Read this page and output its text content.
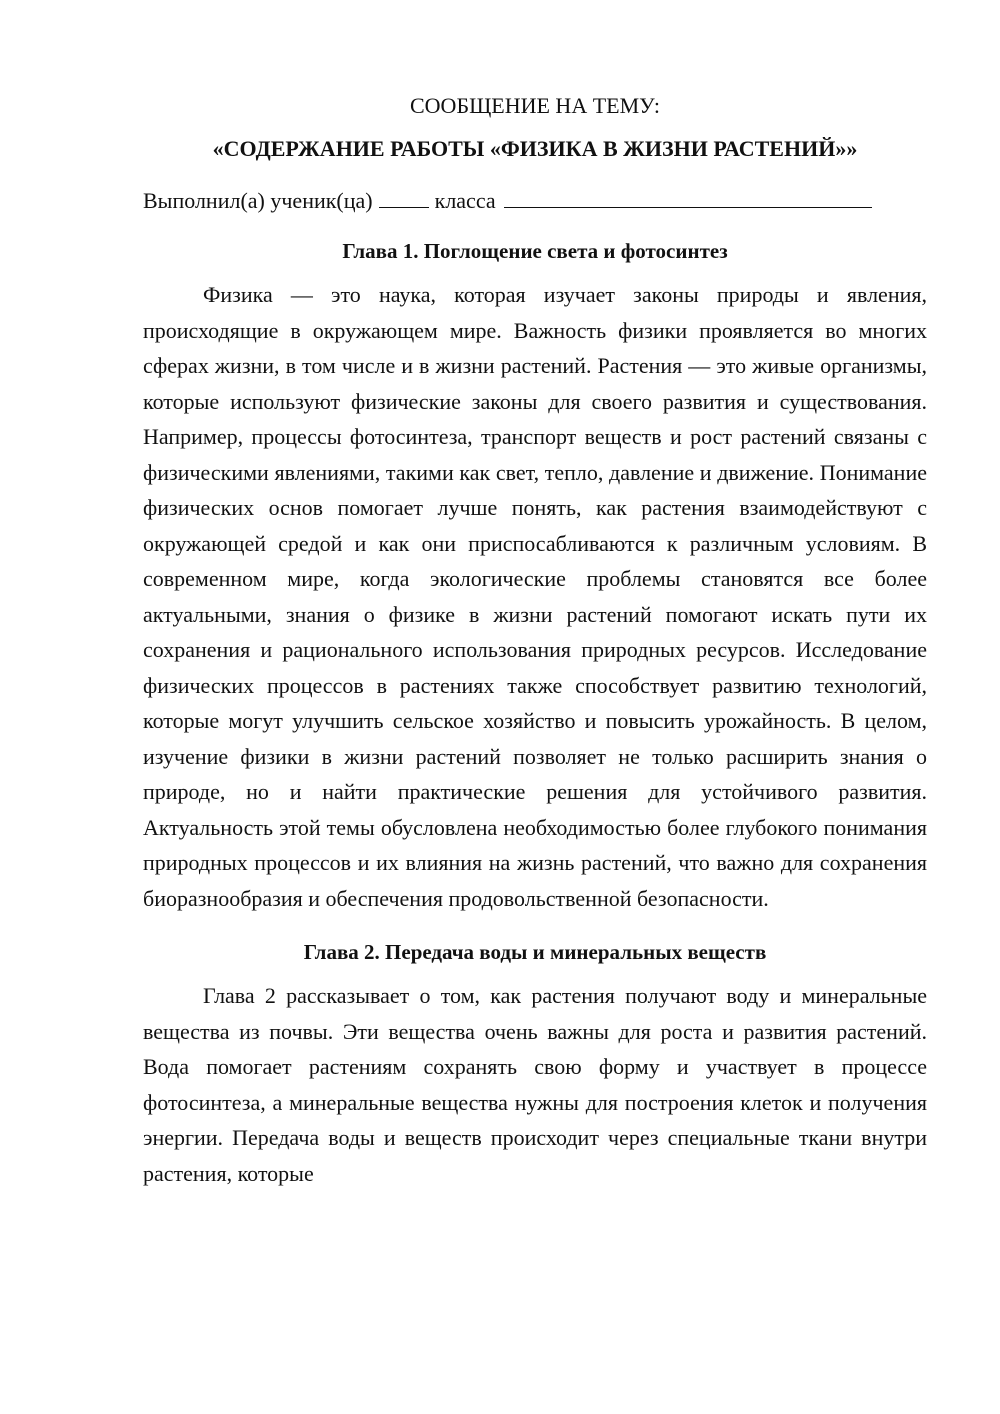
СООБЩЕНИЕ НА ТЕМУ:

«СОДЕРЖАНИЕ РАБОТЫ «ФИЗИКА В ЖИЗНИ РАСТЕНИЙ»»

Выполнил(а) ученик(ца)	класса

Глава 1. Поглощение света и фотосинтез

Физика — это наука, которая изучает законы природы и явления, происходящие в окружающем мире. Важность физики проявляется во многих сферах жизни, в том числе и в жизни растений. Растения — это живые организмы, которые используют физические законы для своего развития и существования. Например, процессы фотосинтеза, транспорт веществ и рост растений связаны с физическими явлениями, такими как свет, тепло, давление и движение. Понимание физических основ помогает лучше понять, как растения взаимодействуют с окружающей средой и как они приспосабливаются к различным условиям. В современном мире, когда экологические проблемы становятся все более актуальными, знания о физике в жизни растений помогают искать пути их сохранения и рационального использования природных ресурсов. Исследование физических процессов в растениях также способствует развитию технологий, которые могут улучшить сельское хозяйство и повысить урожайность. В целом, изучение физики в жизни растений позволяет не только расширить знания о природе, но и найти практические решения для устойчивого развития. Актуальность этой темы обусловлена необходимостью более глубокого понимания природных процессов и их влияния на жизнь растений, что важно для сохранения биоразнообразия и обеспечения продовольственной безопасности.

Глава 2. Передача воды и минеральных веществ

Глава 2 рассказывает о том, как растения получают воду и минеральные вещества из почвы. Эти вещества очень важны для роста и развития растений. Вода помогает растениям сохранять свою форму и участвует в процессе фотосинтеза, а минеральные вещества нужны для построения клеток и получения энергии. Передача воды и веществ происходит через специальные ткани внутри растения, которые
